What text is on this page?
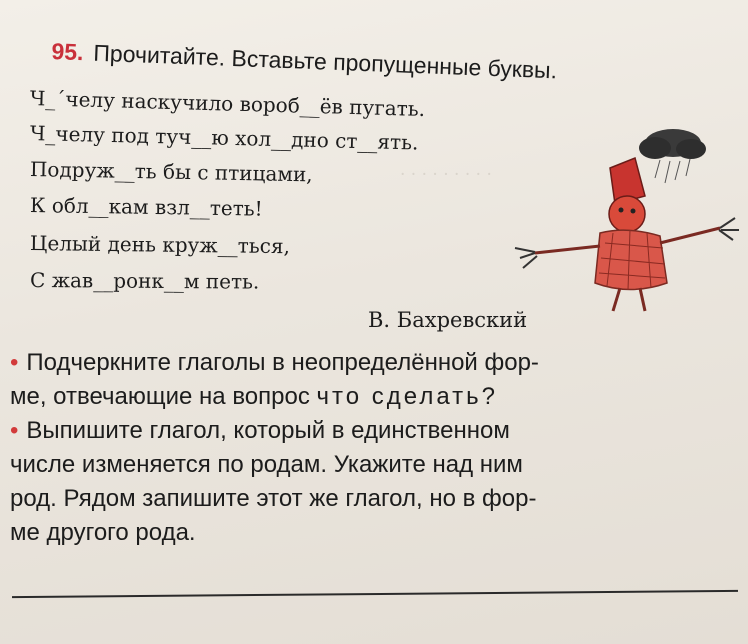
· · · · · · · · ·
95. Прочитайте. Вставьте пропущенные буквы.
Ч_´челу наскучило вороб__ёв пугать.
Ч_челу под туч__ю хол__дно ст__ять.
Подруж__ть бы с птицами,
К обл__кам взл__теть!
Целый день круж__ться,
С жав__ронк__м петь.
В. Бахревский
• Подчеркните глаголы в неопределённой фор-
ме, отвечающие на вопрос что сделать?
• Выпишите глагол, который в единственном
числе изменяется по родам. Укажите над ним
род. Рядом запишите этот же глагол, но в фор-
ме другого рода.
